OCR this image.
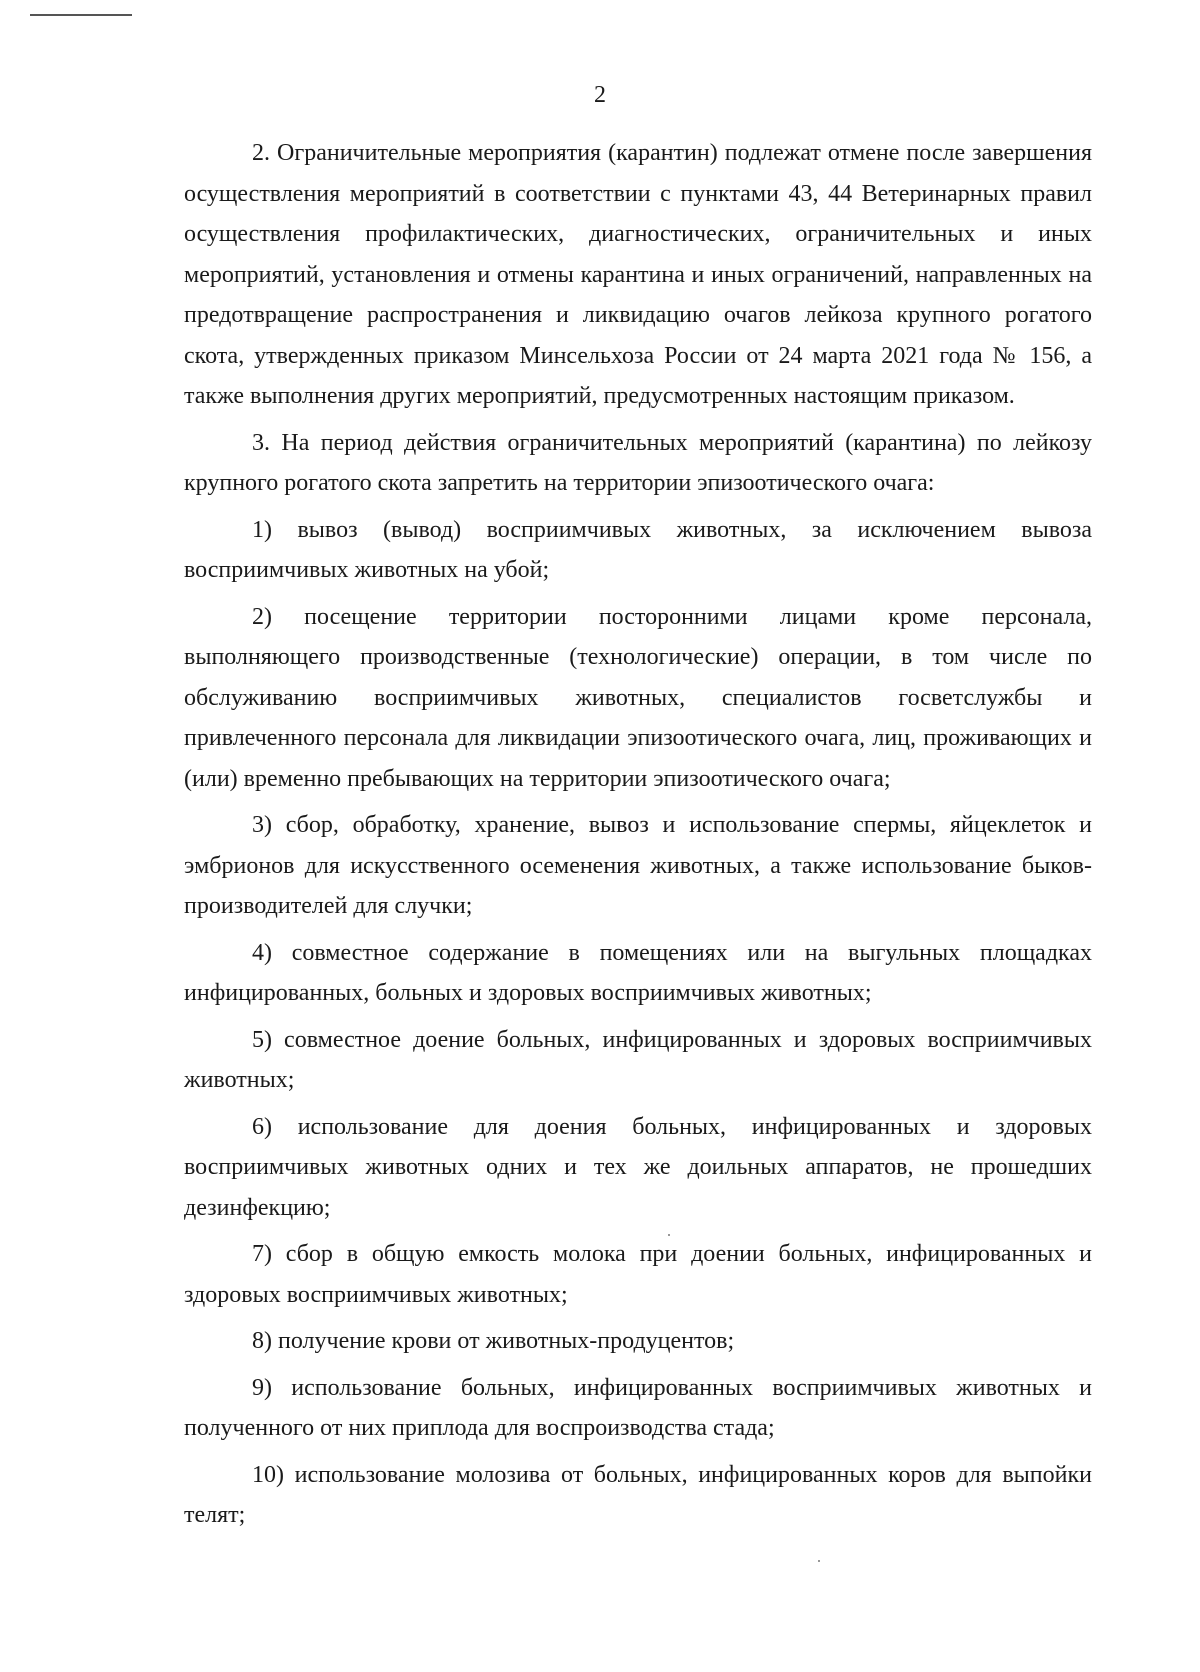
2

2. Ограничительные мероприятия (карантин) подлежат отмене после завершения осуществления мероприятий в соответствии с пунктами 43, 44 Ветеринарных правил осуществления профилактических, диагностических, ограничительных и иных мероприятий, установления и отмены карантина и иных ограничений, направленных на предотвращение распространения и ликвидацию очагов лейкоза крупного рогатого скота, утвержденных приказом Минсельхоза России от 24 марта 2021 года № 156, а также выполнения других мероприятий, предусмотренных настоящим приказом.

3. На период действия ограничительных мероприятий (карантина) по лейкозу крупного рогатого скота запретить на территории эпизоотического очага:

1) вывоз (вывод) восприимчивых животных, за исключением вывоза восприимчивых животных на убой;

2) посещение территории посторонними лицами кроме персонала, выполняющего производственные (технологические) операции, в том числе по обслуживанию восприимчивых животных, специалистов госветслужбы и привлеченного персонала для ликвидации эпизоотического очага, лиц, проживающих и (или) временно пребывающих на территории эпизоотического очага;

3) сбор, обработку, хранение, вывоз и использование спермы, яйцеклеток и эмбрионов для искусственного осеменения животных, а также использование быков-производителей для случки;

4) совместное содержание в помещениях или на выгульных площадках инфицированных, больных и здоровых восприимчивых животных;

5) совместное доение больных, инфицированных и здоровых восприимчивых животных;

6) использование для доения больных, инфицированных и здоровых восприимчивых животных одних и тех же доильных аппаратов, не прошедших дезинфекцию;

7) сбор в общую емкость молока при доении больных, инфицированных и здоровых восприимчивых животных;

8) получение крови от животных-продуцентов;

9) использование больных, инфицированных восприимчивых животных и полученного от них приплода для воспроизводства стада;

10) использование молозива от больных, инфицированных коров для выпойки телят;
